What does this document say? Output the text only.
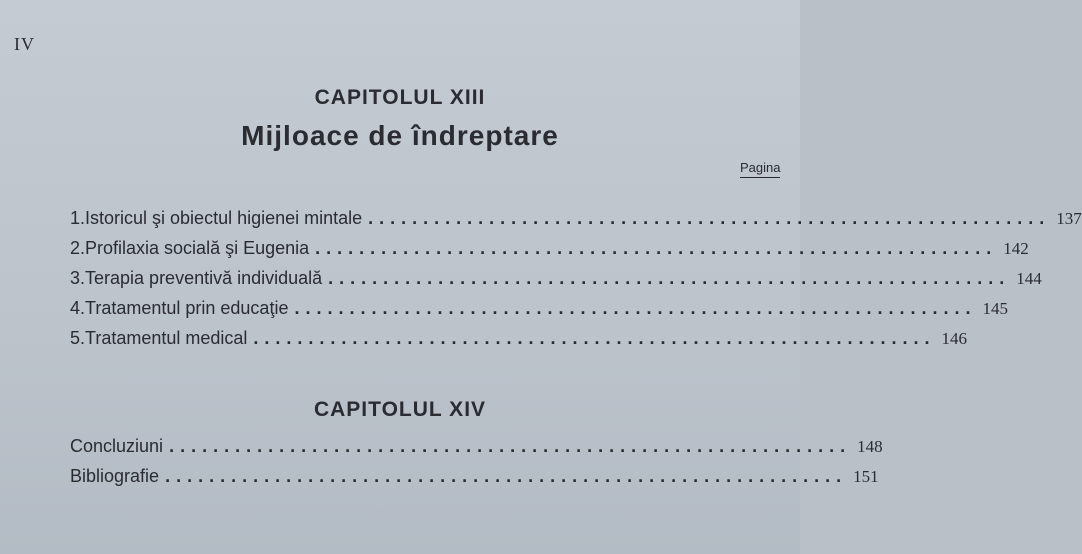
IV
CAPITOLUL XIII
Mijloace de îndreptare
Pagina
1. Istoricul şi obiectul higienei mintale .............................................................. 137
2. Profilaxia socială şi Eugenia .............................................................. 142
3. Terapia preventivă individuală .............................................................. 144
4. Tratamentul prin educaţie .............................................................. 145
5. Tratamentul medical .............................................................. 146
CAPITOLUL XIV
Concluziuni .............................................................. 148
Bibliografie .............................................................. 151
